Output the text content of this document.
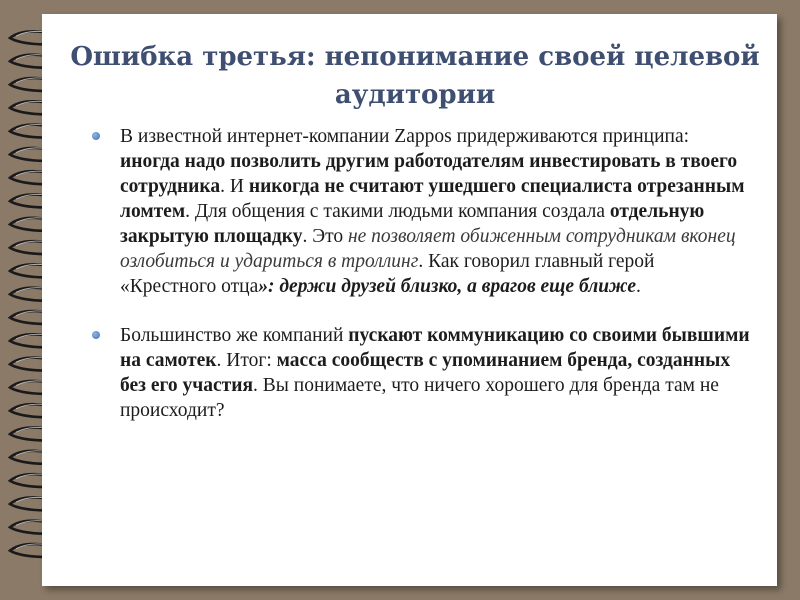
Ошибка третья: непонимание своей целевой аудитории
В известной интернет-компании Zappos придерживаются принципа: иногда надо позволить другим работодателям инвестировать в твоего сотрудника. И никогда не считают ушедшего специалиста отрезанным ломтем. Для общения с такими людьми компания создала отдельную закрытую площадку. Это не позволяет обиженным сотрудникам вконец озлобиться и удариться в троллинг. Как говорил главный герой «Крестного отца»: держи друзей близко, а врагов еще ближе.
Большинство же компаний пускают коммуникацию со своими бывшими на самотек. Итог: масса сообществ с упоминанием бренда, созданных без его участия. Вы понимаете, что ничего хорошего для бренда там не происходит?
